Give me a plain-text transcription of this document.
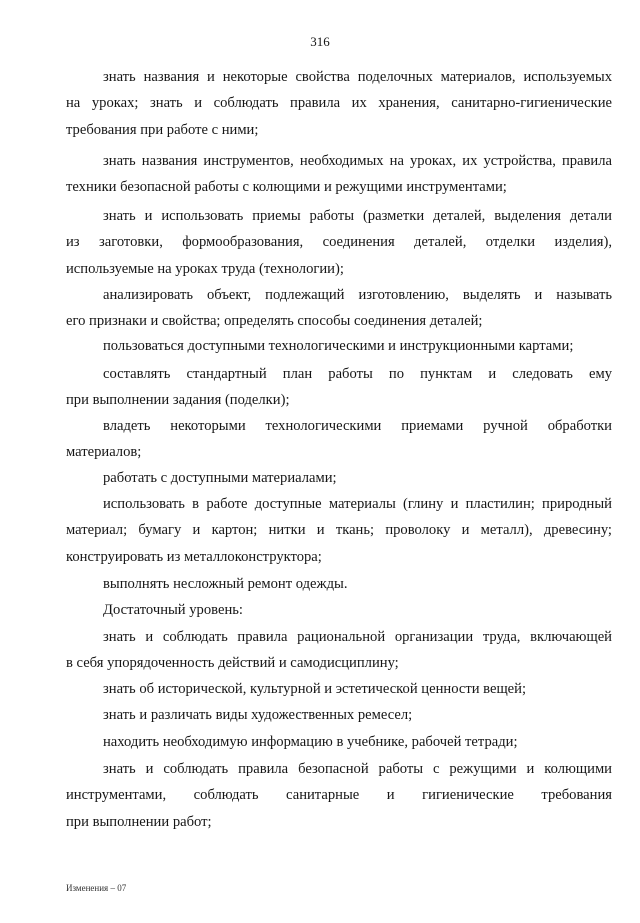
316
знать названия и некоторые свойства поделочных материалов, используемых
на уроках; знать и соблюдать правила их хранения, санитарно-гигиенические
требования при работе с ними;
знать названия инструментов, необходимых на уроках, их устройства, правила
техники безопасной работы с колющими и режущими инструментами;
знать и использовать приемы работы (разметки деталей, выделения детали
из заготовки, формообразования, соединения деталей, отделки изделия),
используемые на уроках труда (технологии);
анализировать объект, подлежащий изготовлению, выделять и называть
его признаки и свойства; определять способы соединения деталей;
пользоваться доступными технологическими и инструкционными картами;
составлять стандартный план работы по пунктам и следовать ему
при выполнении задания (поделки);
владеть некоторыми технологическими приемами ручной обработки
материалов;
работать с доступными материалами;
использовать в работе доступные материалы (глину и пластилин; природный
материал; бумагу и картон; нитки и ткань; проволоку и металл), древесину;
конструировать из металлоконструктора;
выполнять несложный ремонт одежды.
Достаточный уровень:
знать и соблюдать правила рациональной организации труда, включающей
в себя упорядоченность действий и самодисциплину;
знать об исторической, культурной и эстетической ценности вещей;
знать и различать виды художественных ремесел;
находить необходимую информацию в учебнике, рабочей тетради;
знать и соблюдать правила безопасной работы с режущими и колющими
инструментами, соблюдать санитарные и гигиенические требования
при выполнении работ;
Изменения – 07
